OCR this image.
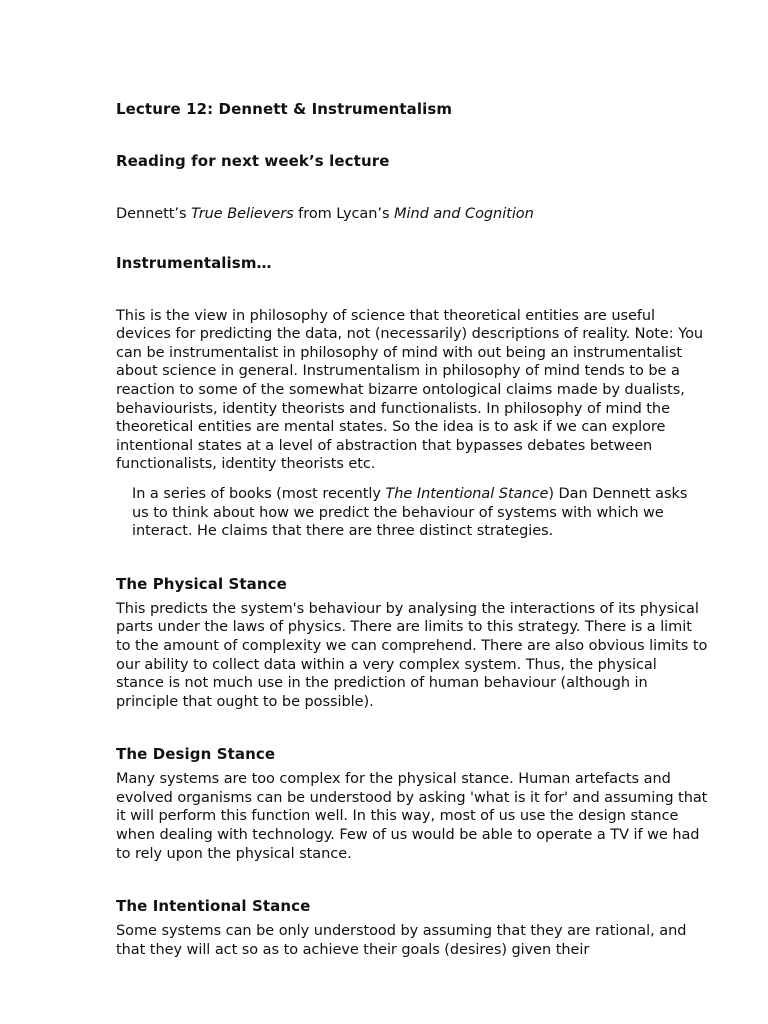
Lecture 12: Dennett & Instrumentalism

Reading for next week’s lecture

Dennett’s True Believers from Lycan’s Mind and Cognition

Instrumentalism…

This is the view in philosophy of science that theoretical entities are useful devices for predicting the data, not (necessarily) descriptions of reality. Note: You can be instrumentalist in philosophy of mind with out being an instrumentalist about science in general. Instrumentalism in philosophy of mind tends to be a reaction to some of the somewhat bizarre ontological claims made by dualists, behaviourists, identity theorists and functionalists. In philosophy of mind the theoretical entities are mental states. So the idea is to ask if we can explore intentional states at a level of abstraction that bypasses debates between functionalists, identity theorists etc.

In a series of books (most recently The Intentional Stance) Dan Dennett asks us to think about how we predict the behaviour of systems with which we interact. He claims that there are three distinct strategies.

The Physical Stance

This predicts the system's behaviour by analysing the interactions of its physical parts under the laws of physics. There are limits to this strategy. There is a limit to the amount of complexity we can comprehend. There are also obvious limits to our ability to collect data within a very complex system. Thus, the physical stance is not much use in the prediction of human behaviour (although in principle that ought to be possible).

The Design Stance

Many systems are too complex for the physical stance. Human artefacts and evolved organisms can be understood by asking 'what is it for' and assuming that it will perform this function well. In this way, most of us use the design stance when dealing with technology. Few of us would be able to operate a TV if we had to rely upon the physical stance.

The Intentional Stance

Some systems can be only understood by assuming that they are rational, and that they will act so as to achieve their goals (desires) given their
